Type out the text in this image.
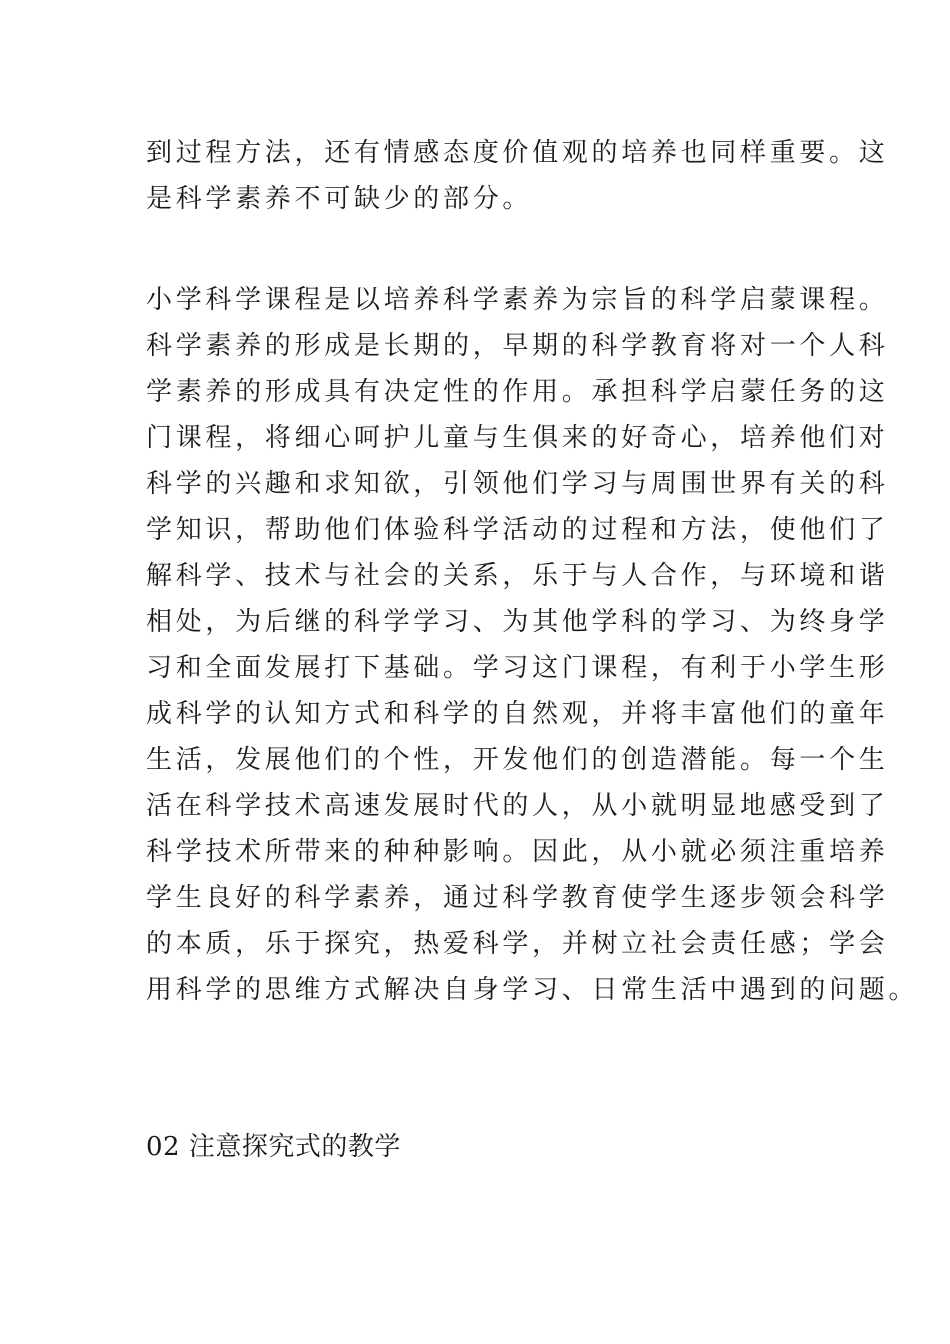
到过程方法，还有情感态度价值观的培养也同样重要。这
是科学素养不可缺少的部分。
小学科学课程是以培养科学素养为宗旨的科学启蒙课程。
科学素养的形成是长期的，早期的科学教育将对一个人科
学素养的形成具有决定性的作用。承担科学启蒙任务的这
门课程，将细心呵护儿童与生俱来的好奇心，培养他们对
科学的兴趣和求知欲，引领他们学习与周围世界有关的科
学知识，帮助他们体验科学活动的过程和方法，使他们了
解科学、技术与社会的关系，乐于与人合作，与环境和谐
相处，为后继的科学学习、为其他学科的学习、为终身学
习和全面发展打下基础。学习这门课程，有利于小学生形
成科学的认知方式和科学的自然观，并将丰富他们的童年
生活，发展他们的个性，开发他们的创造潜能。每一个生
活在科学技术高速发展时代的人，从小就明显地感受到了
科学技术所带来的种种影响。因此，从小就必须注重培养
学生良好的科学素养，通过科学教育使学生逐步领会科学
的本质，乐于探究，热爱科学，并树立社会责任感；学会
用科学的思维方式解决自身学习、日常生活中遇到的问题。
02 注意探究式的教学
